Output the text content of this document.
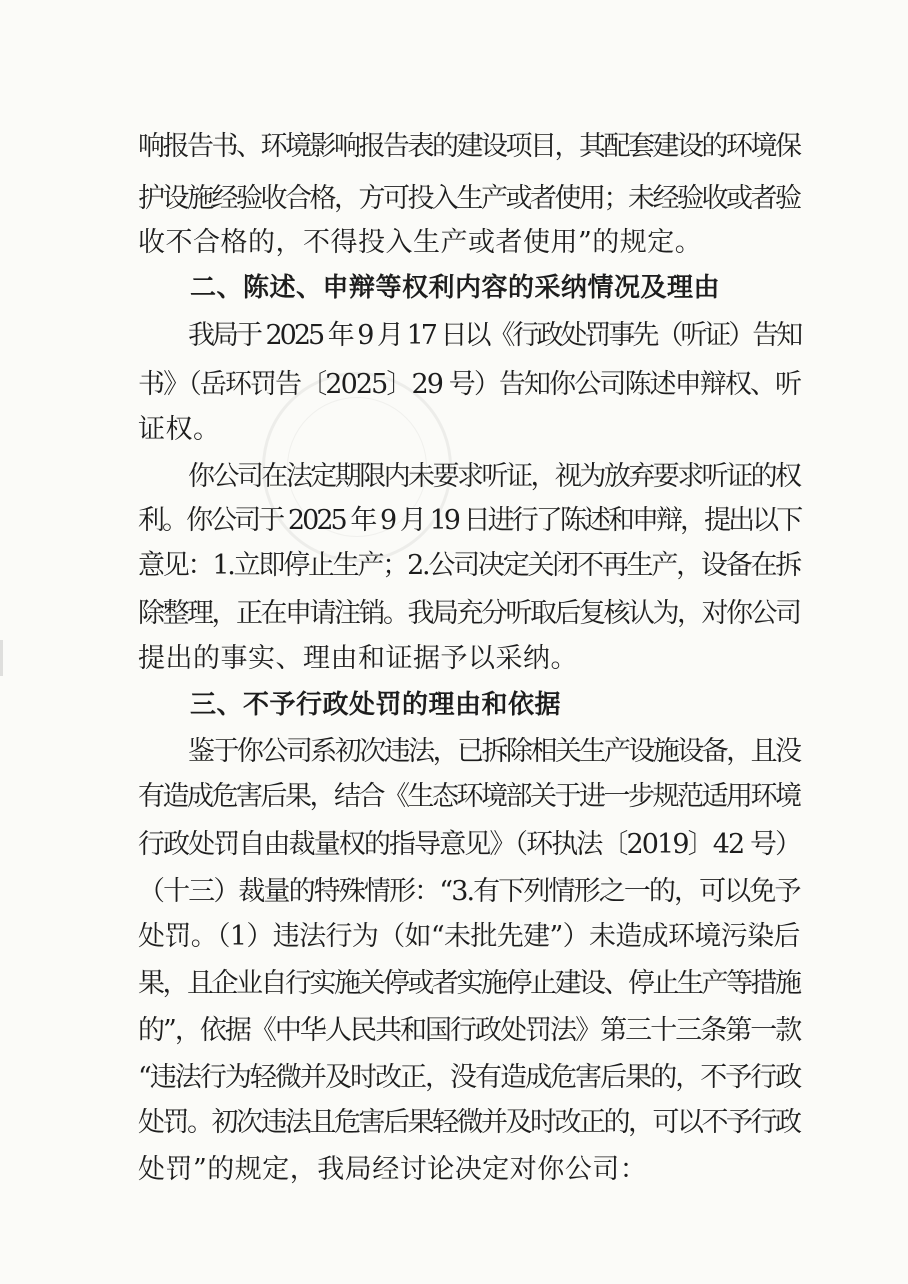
响报告书、环境影响报告表的建设项目，其配套建设的环境保
护设施经验收合格，方可投入生产或者使用；未经验收或者验
收不合格的，不得投入生产或者使用”的规定。
二、陈述、申辩等权利内容的采纳情况及理由
我局于 2025 年 9 月 17 日以《行政处罚事先（听证）告知
书》（岳环罚告〔2025〕29 号）告知你公司陈述申辩权、听
证权。
你公司在法定期限内未要求听证，视为放弃要求听证的权
利。你公司于 2025 年 9 月 19 日进行了陈述和申辩，提出以下
意见：1.立即停止生产；2.公司决定关闭不再生产，设备在拆
除整理，正在申请注销。我局充分听取后复核认为，对你公司
提出的事实、理由和证据予以采纳。
三、不予行政处罚的理由和依据
鉴于你公司系初次违法，已拆除相关生产设施设备，且没
有造成危害后果，结合《生态环境部关于进一步规范适用环境
行政处罚自由裁量权的指导意见》（环执法〔2019〕42 号）
（十三）裁量的特殊情形：“3.有下列情形之一的，可以免予
处罚。（1）违法行为（如“未批先建”）未造成环境污染后
果，且企业自行实施关停或者实施停止建设、停止生产等措施
的”，依据《中华人民共和国行政处罚法》第三十三条第一款
“违法行为轻微并及时改正，没有造成危害后果的，不予行政
处罚。初次违法且危害后果轻微并及时改正的，可以不予行政
处罚”的规定，我局经讨论决定对你公司：
